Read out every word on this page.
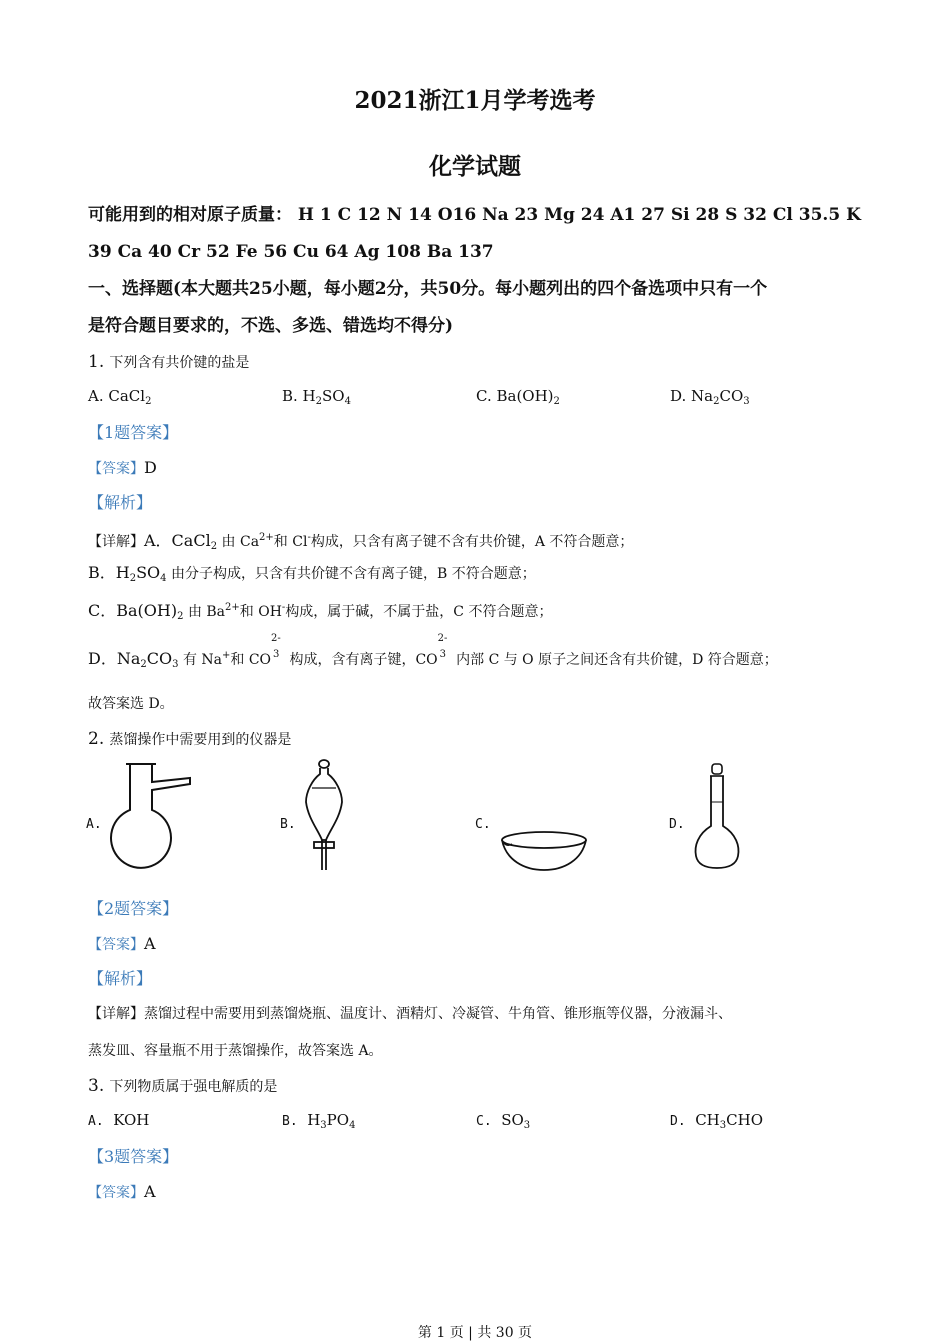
2021浙江1月学考选考
化学试题
可能用到的相对原子质量： H 1 C 12 N 14 O16 Na 23 Mg 24 A1 27 Si 28 S 32 Cl 35.5 K
39 Ca 40 Cr 52 Fe 56 Cu 64 Ag 108 Ba 137
一、选择题(本大题共25小题，每小题2分，共50分。每小题列出的四个备选项中只有一个
是符合题目要求的，不选、多选、错选均不得分)
1. 下列含有共价键的盐是
A. CaCl$_2$	B. $H_2SO_4$	C. $Ba(OH)_2$	D. $Na_2CO_3$
【1题答案】
【答案】D
【解析】
【详解】A．CaCl$_2$ 由 $Ca^{2+}$和 Cl-构成，只含有离子键不含有共价键，A 不符合题意；
B．$H_2SO_4$ 由分子构成，只含有共价键不含有离子键，B 不符合题意；
C．$Ba(OH)_2$ 由 $Ba^{2+}$和 OH-构成，属于碱，不属于盐，C 不符合题意；
D．$Na_2CO_3$ 有 Na+和 CO
2-
3 构成，含有离子键，CO
2-
3 内部 C 与 O 原子之间还含有共价键，D 符合题意；
故答案选 D。
2. 蒸馏操作中需要用到的仪器是
A.	B.	C.	D.
【2题答案】
【答案】A
【解析】
【详解】蒸馏过程中需要用到蒸馏烧瓶、温度计、酒精灯、冷凝管、牛角管、锥形瓶等仪器，分液漏斗、
蒸发皿、容量瓶不用于蒸馏操作，故答案选 A。
3. 下列物质属于强电解质的是
A. KOH	B. $H_3PO_4$	C. $SO_3$	D. $CH_3CHO$
【3题答案】
【答案】A
第 1 页 | 共 30 页
